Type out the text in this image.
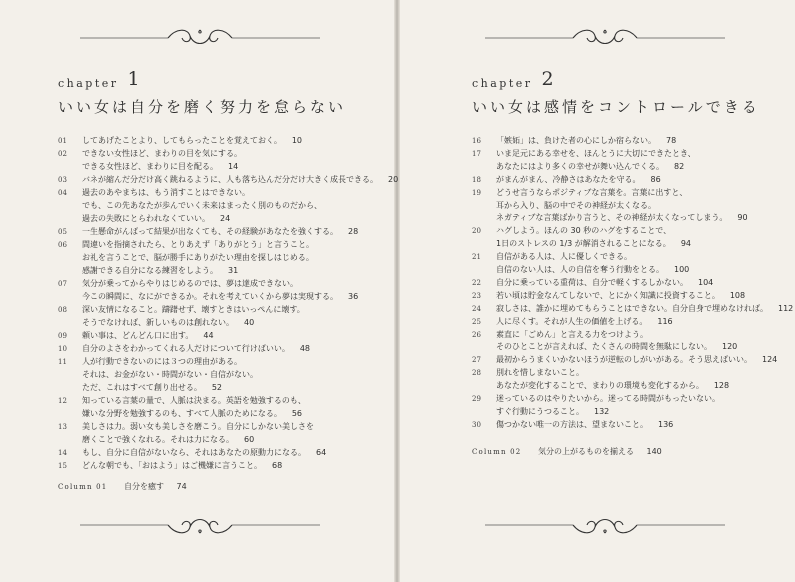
chapter 1
いい女は自分を磨く努力を怠らない
chapter 2
いい女は感情をコントロールできる
01 してあげたことより、してもらったことを覚えておく。 10
02 できない女性ほど、まわりの目を気にする。
できる女性ほど、まわりに目を配る。 14
03 バネが縮んだ分だけ高く跳ねるように、人も落ち込んだ分だけ大きく成長できる。 20
04 過去のあやまちは、もう消すことはできない。
でも、この先あなたが歩んでいく未来はまったく別のものだから、
過去の失敗にとらわれなくていい。 24
05 一生懸命がんばって結果が出なくても、その経験があなたを強くする。 28
06 間違いを指摘されたら、とりあえず「ありがとう」と言うこと。
お礼を言うことで、脳が勝手にありがたい理由を探しはじめる。
感謝できる自分になる練習をしよう。 31
07 気分が乗ってからやりはじめるのでは、夢は達成できない。
今この瞬間に、なにができるか。それを考えていくから夢は実現する。 36
08 深い友情になること。躊躇せず、壊すときはいっぺんに壊す。
そうでなければ、新しいものは創れない。 40
09 頼い事は、どんどん口に出す。 44
10 自分のよさをわかってくれる人だけについて行けばいい。 48
11 人が行動できないのには３つの理由がある。
それは、お金がない・時間がない・自信がない。
ただ、これはすべて創り出せる。 52
12 知っている言葉の量で、人脈は決まる。英語を勉強するのも、
嫌いな分野を勉強するのも、すべて人脈のためになる。 56
13 美しさは力。弱い女も美しさを磨こう。自分にしかない美しさを
磨くことで強くなれる。それは力になる。 60
14 もし、自分に自信がないなら、それはあなたの原動力になる。 64
15 どんな朝でも、「おはよう」はご機嫌に言うこと。 68
16 「嫉妬」は、負けた者の心にしか宿らない。 78
17 いま足元にある幸せを、ほんとうに大切にできたとき、
あなたにはより多くの幸せが舞い込んでくる。 82
18 がまんがまん、冷静さはあなたを守る。 86
19 どうせ言うならポジティブな言葉を。言葉に出すと、
耳から入り、脳の中でその神経が太くなる。
ネガティブな言葉ばかり言うと、その神経が太くなってしまう。 90
20 ハグしよう。ほんの 30 秒のハグをすることで、
1日のストレスの 1/3 が解消されることになる。 94
21 自信がある人は、人に優しくできる。
自信のない人は、人の自信を奪う行動をとる。 100
22 自分に乗っている重荷は、自分で軽くするしかない。 104
23 若い頃は貯金なんてしないで、とにかく知識に投資すること。 108
24 寂しさは、誰かに埋めてもらうことはできない。自分自身で埋めなければ。 112
25 人に尽くす。それが人生の価値を上げる。 116
26 素直に「ごめん」と言える力をつけよう。
そのひとことが言えれば、たくさんの時間を無駄にしない。 120
27 最初からうまくいかないほうが逆転のしがいがある。そう思えばいい。 124
28 別れを惜しまないこと。
あなたが変化することで、まわりの環境も変化するから。 128
29 迷っているのはやりたいから。迷ってる時間がもったいない。
すぐ行動にうつること。 132
30 傷つかない唯一の方法は、望まないこと。 136
Column 01 自分を癒す 74
Column 02 気分の上がるものを揃える 140
